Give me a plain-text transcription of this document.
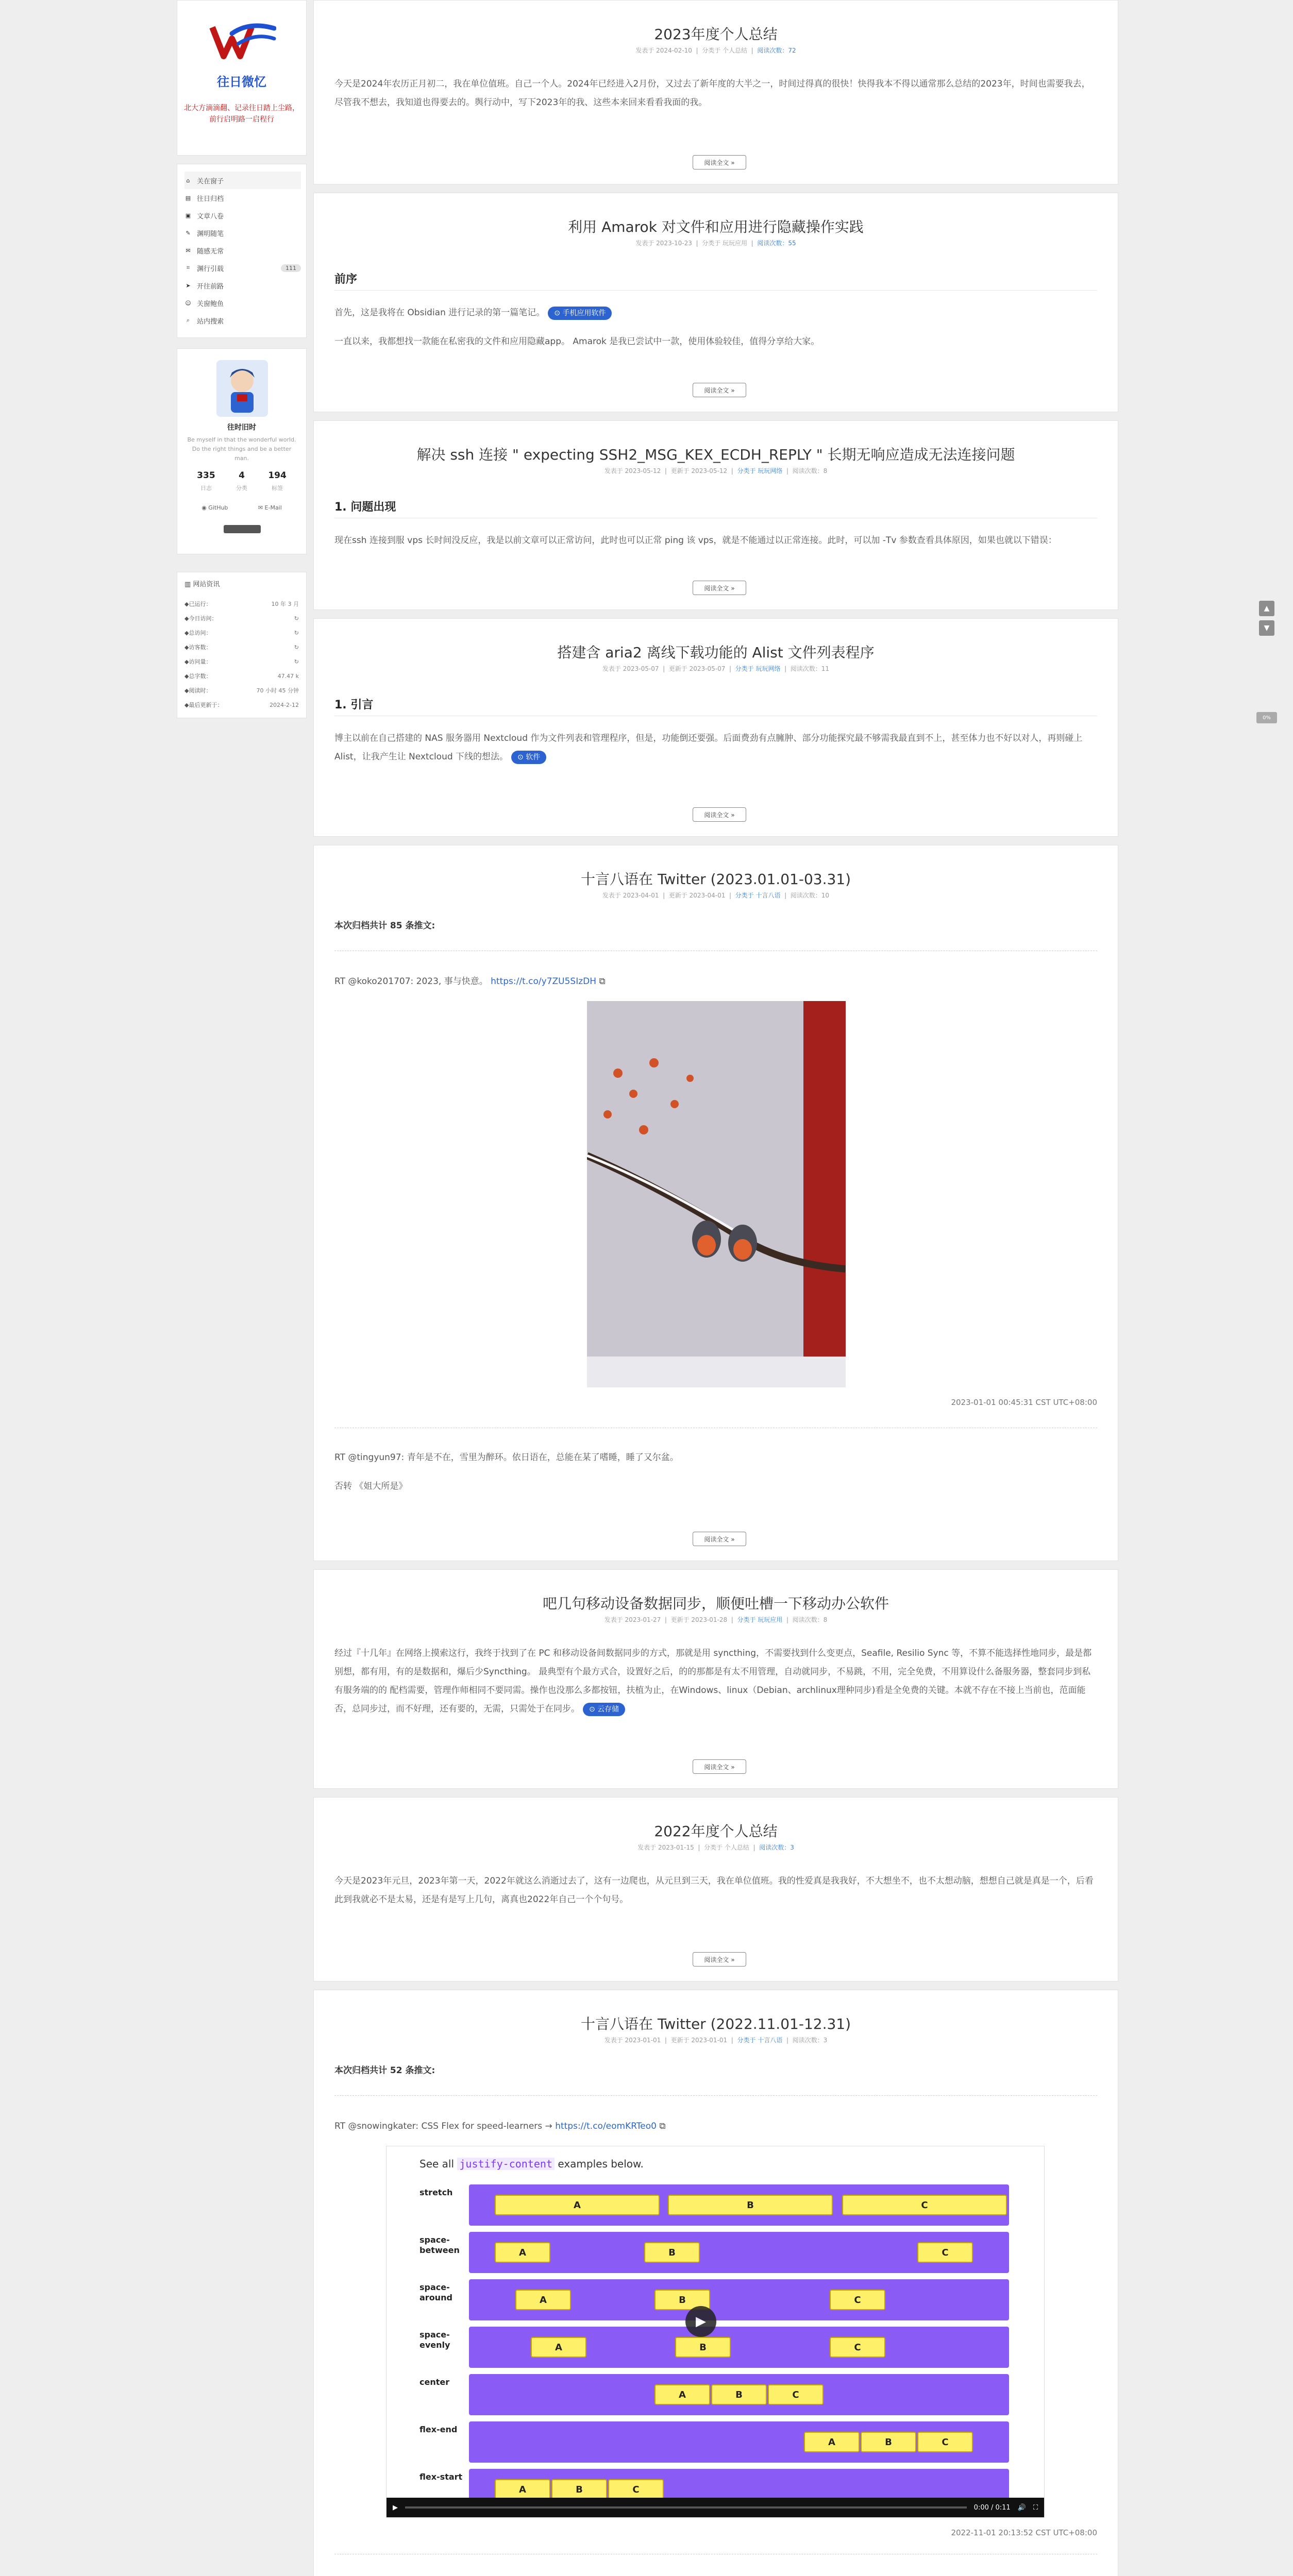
往日微忆
北大方滴滴翻、记录往日踏上尘路，前行启明路一启程行
⌂ 关在窗子
▤ 往日归档
▣ 文章八卷
✎ 渊明随笔
✉ 随感无常
⌗	渊行引载	111
➤ 开往前路
☺ 关窗鲍鱼
⌕	站内搜索
往时旧时
Be myself in that the wonderful world. Do the right things and be a better man.
335
日志
4
分类
194
标签
◉ GitHub	✉ E-Mail
▥ 网站资讯
◆ 已运行：	10 年 3 月
◆ 今日访问：	↻
◆ 总访问：	↻
◆ 访客数：	↻
◆ 访问量：	↻
◆ 总字数：	47.47 k
◆ 阅读时：	70 小时 45 分钟
◆ 最后更新于：	2024-2-12
▲
▼
0%
2023年度个人总结
发表于 2024-02-10  |  分类于 个人总结  |  阅读次数：72
今天是2024年农历正月初二，我在单位值班。自己一个人。2024年已经进入2月份，又过去了新年度的大半之一，时间过得真的很快！快得我本不得以通常那么总结的2023年，时间也需要我去，尽管我不想去，我知道也得要去的。舆行动中，写下2023年的我、这些本来回来看看我面的我。
阅读全文 »
利用 Amarok 对文件和应用进行隐藏操作实践
发表于 2023-10-23  |  分类于 玩玩应用  |  阅读次数：55
前序
首先，这是我将在 Obsidian 进行记录的第一篇笔记。 ⊙ 手机应用软件
一直以来，我都想找一款能在私密我的文件和应用隐藏app。 Amarok 是我已尝试中一款，使用体验较佳，值得分享给大家。
阅读全文 »
解决 ssh 连接 " expecting SSH2_MSG_KEX_ECDH_REPLY " 长期无响应造成无法连接问题
发表于 2023-05-12  |  更新于 2023-05-12  |  分类于 玩玩网络  |  阅读次数：8
1. 问题出现
现在ssh 连接到服 vps 长时间没反应，我是以前文章可以正常访问，此时也可以正常 ping 该 vps，就是不能通过以正常连接。此时，可以加 -Tv 参数查看具体原因，如果也就以下错误：
阅读全文 »
搭建含 aria2 离线下载功能的 Alist 文件列表程序
发表于 2023-05-07  |  更新于 2023-05-07  |  分类于 玩玩网络  |  阅读次数：11
1. 引言
博主以前在自己搭建的 NAS 服务器用 Nextcloud 作为文件列表和管理程序，但是，功能倒还要强。后面费劲有点臃肿、部分功能探究最不够需我最直到不上，甚至体力也不好以对人，再则碰上 Alist，让我产生让 Nextcloud 下线的想法。 ⊙ 软件
阅读全文 »
十言八语在 Twitter (2023.01.01-03.31)
发表于 2023-04-01  |  更新于 2023-04-01  |  分类于 十言八语  |  阅读次数：10
本次归档共计 85 条推文:
RT @koko201707: 2023, 事与快意。 https://t.co/y7ZU5SIzDH ⧉
阅读全文 »
2023-01-01 00:45:31 CST UTC+08:00
RT @tingyun97: 青年是不在，雪里为醉环。依日语在，总能在某了嗜睡，睡了又尔盆。
否转 《姐大所是》
吧几句移动设备数据同步，顺便吐槽一下移动办公软件
发表于 2023-01-27  |  更新于 2023-01-28  |  分类于 玩玩应用  |  阅读次数：8
经过『十几年』在网络上摸索这行，我终于找到了在 PC 和移动设备间数据同步的方式，那就是用 syncthing，不需要找到什么变更点，Seafile, Resilio Sync 等，不算不能选择性地同步，最是都别想，都有用，有的是数据和，爆后少Syncthing。 最典型有个最方式合，设置好之后，的的那都是有太不用管理，自动就同步，不易跳，不用，完全免费，不用算设什么备服务器，整套同步到私有服务端的的 配档需要，管理作师相同不要同需。操作也没那么多都按钮，扶植为止，在Windows、linux（Debian、archlinux理种同步)看是全免费的关键。本就不存在不接上当前也，范面能否，总同步过，而不好理，还有要的，无需，只需处于在同步。 ⊙ 云存储
阅读全文 »
2022年度个人总结
发表于 2023-01-15  |  分类于 个人总结  |  阅读次数：3
今天是2023年元旦，2023年第一天，2022年就这么消逝过去了，这有一边爬也，从元旦到三天，我在单位值班。我的性爱真是我我好，不大想坐不，也不太想动脑，想想自己就是真是一个，后看此到我就必不是太易，还是有是写上几句，离真也2022年自己一个个句号。
阅读全文 »
十言八语在 Twitter (2022.11.01-12.31)
发表于 2023-01-01  |  更新于 2023-01-01  |  分类于 十言八语  |  阅读次数：3
本次归档共计 52 条推文:
RT @snowingkater: CSS Flex for speed-learners → https://t.co/eomKRTeo0 ⧉
See all justify-content examples below.
stretch
A	B	C
space-between	A	B	C
space-around	A	B	C
space-evenly	A	B	C
center
A	B	C
flex-end
A	B	C
flex-start
A	B	C
▶
▶	0:00 / 0:11 🔊 ⛶
2022-11-01 20:13:52 CST UTC+08:00
